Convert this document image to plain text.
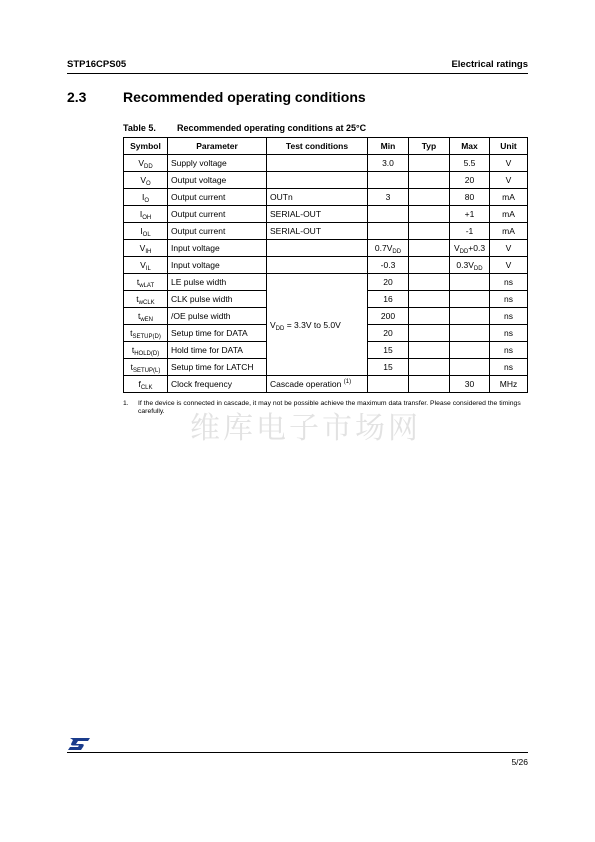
STP16CPS05	Electrical ratings
2.3	Recommended operating conditions
Table 5. Recommended operating conditions at 25°C
Symbol	Parameter	Test conditions	Min	Typ	Max	Unit
$V_{DD}$	Supply voltage		3.0		5.5	V
$V_O$	Output voltage				20	V
$I_O$	Output current	OUTn	3		80	mA
$I_{OH}$	Output current	SERIAL-OUT			+1	mA
$I_{OL}$	Output current	SERIAL-OUT			-1	mA
$V_{IH}$	Input voltage		$0.7V_{DD}$		$V_{DD}+0.3$	V
$V_{IL}$	Input voltage		-0.3		$0.3V_{DD}$	V
$t_{wLAT}$	LE pulse width	$V_{DD} = 3.3V$ to 5.0V	20			ns
$t_{wCLK}$	CLK pulse width		16			ns
$t_{wEN}$	/OE pulse width		200			ns
$t_{SETUP(D)}$	Setup time for DATA		20			ns
$t_{HOLD(D)}$	Hold time for DATA		15			ns
$t_{SETUP(L)}$	Setup time for LATCH		15			ns
$f_{CLK}$	Clock frequency	Cascade operation $^{(1)}$			30	MHz
1. If the device is connected in cascade, it may not be possible achieve the maximum data transfer. Please considered the timings carefully. 维库电子市场网
5/26
